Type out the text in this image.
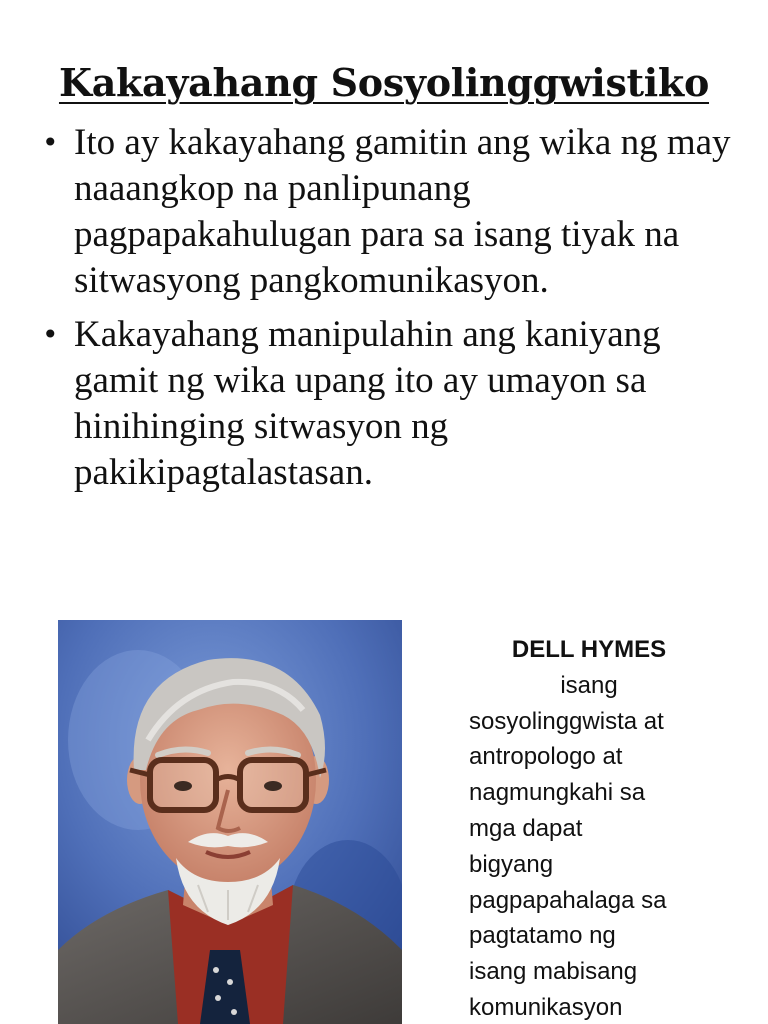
Kakayahang Sosyolinggwistiko
• Ito ay kakayahang gamitin ang wika ng may naaangkop na panlipunang pagpapakahulugan para sa isang tiyak na sitwasyong pangkomunikasyon.
• Kakayahang manipulahin ang kaniyang gamit ng wika upang ito ay umayon sa hinihinging sitwasyon ng pakikipagtalastasan.
DELL HYMES
isang
sosyolinggwista at
antropologo at
nagmungkahi sa
mga dapat
bigyang
pagpapahalaga sa
pagtatamo ng
isang mabisang
komunikasyon
